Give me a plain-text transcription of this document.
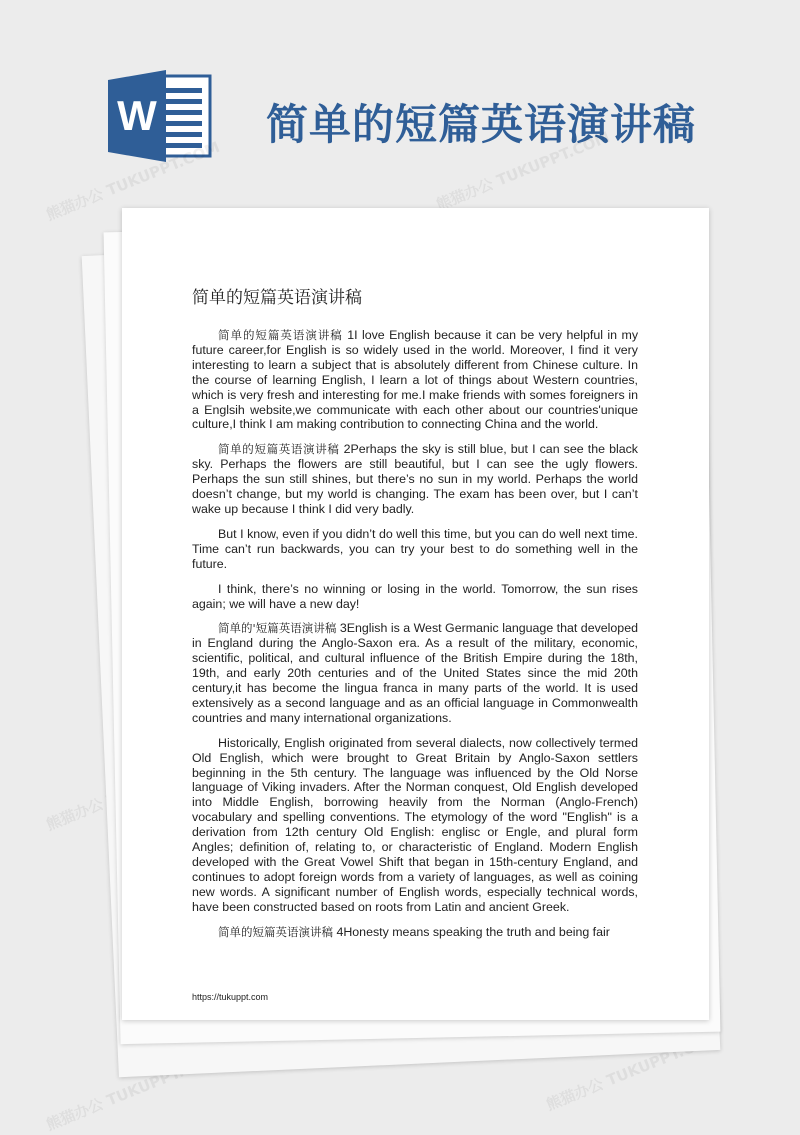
W	简单的短篇英语演讲稿
熊猫办公 TUKUPPT.COM	熊猫办公 TUKUPPT.COM
熊猫办公
熊猫办公 TUKUPPT.COM	熊猫办公 TUKUPPT.COM
简单的短篇英语演讲稿

简单的短篇英语演讲稿 1I love English because it can be very helpful in my future career,for English is so widely used in the world. Moreover, I find it very interesting to learn a subject that is absolutely different from Chinese culture. In the course of learning English, I learn a lot of things about Western countries, which is very fresh and interesting for me.I make friends with somes foreigners in a Englsih website,we communicate with each other about our countries'unique culture,I think I am making contribution to connecting China and the world.

简单的短篇英语演讲稿 2Perhaps the sky is still blue, but I can see the black sky. Perhaps the flowers are still beautiful, but I can see the ugly flowers. Perhaps the sun still shines, but there’s no sun in my world. Perhaps the world doesn’t change, but my world is changing. The exam has been over, but I can’t wake up because I think I did very badly.

But I know, even if you didn’t do well this time, but you can do well next time. Time can’t run backwards, you can try your best to do something well in the future.

I think, there’s no winning or losing in the world. Tomorrow, the sun rises again; we will have a new day!

简单的'短篇英语演讲稿 3English is a West Germanic language that developed in England during the Anglo-Saxon era. As a result of the military, economic, scientific, political, and cultural influence of the British Empire during the 18th, 19th, and early 20th centuries and of the United States since the mid 20th century,it has become the lingua franca in many parts of the world. It is used extensively as a second language and as an official language in Commonwealth countries and many international organizations.

Historically, English originated from several dialects, now collectively termed Old English, which were brought to Great Britain by Anglo-Saxon settlers beginning in the 5th century. The language was influenced by the Old Norse language of Viking invaders. After the Norman conquest, Old English developed into Middle English, borrowing heavily from the Norman (Anglo-French) vocabulary and spelling conventions. The etymology of the word "English" is a derivation from 12th century Old English: englisc or Engle, and plural form Angles; definition of, relating to, or characteristic of England. Modern English developed with the Great Vowel Shift that began in 15th-century England, and continues to adopt foreign words from a variety of languages, as well as coining new words. A significant number of English words, especially technical words, have been constructed based on roots from Latin and ancient Greek.

简单的短篇英语演讲稿 4Honesty means speaking the truth and being fair

https://tukuppt.com
